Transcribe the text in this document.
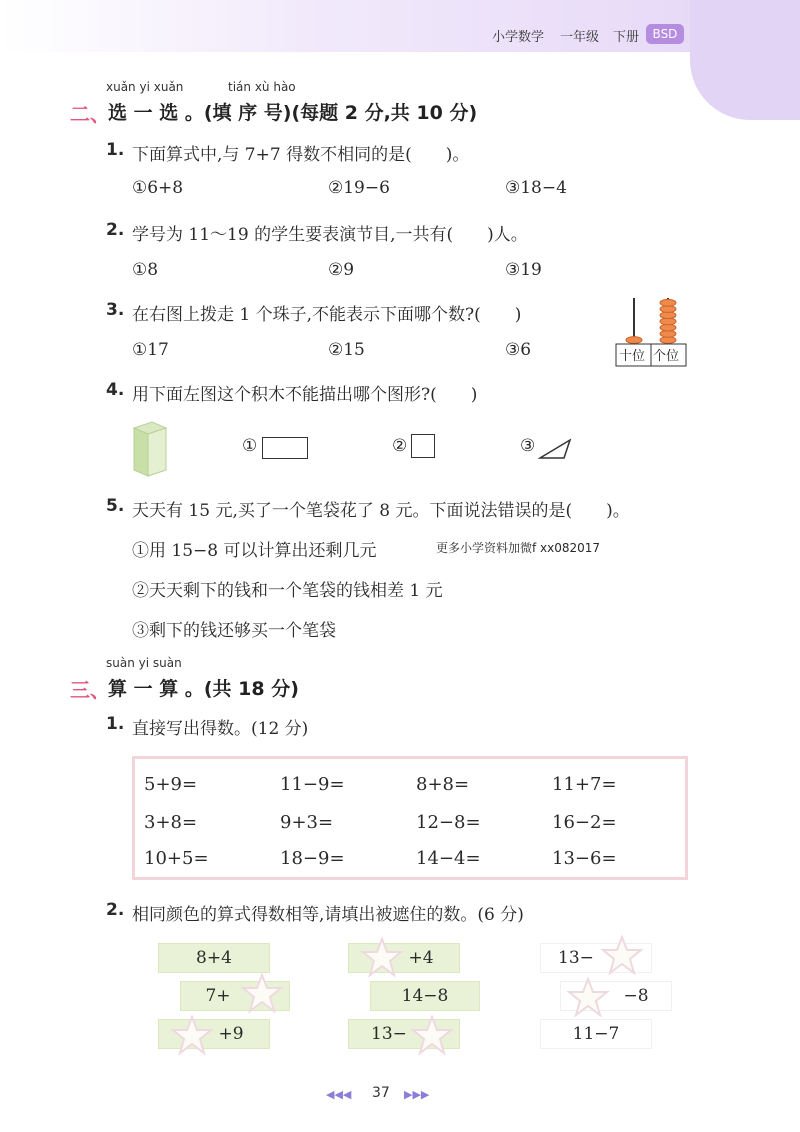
小学数学 一年级 下册	BSD
xuǎn yi xuǎn	tián xù hào
二、
选 一 选 。(填 序 号)(每题 2 分,共 10 分)
1. 下面算式中,与 7+7 得数不相同的是(　　)。
①6+8	②19−6	③18−4
2. 学号为 11～19 的学生要表演节目,一共有(　　)人。
①8	②9	③19
3. 在右图上拨走 1 个珠子,不能表示下面哪个数?(　　)
①17	②15	③6	十位 个位
4. 用下面左图这个积木不能描出哪个图形?(　　)
①	②	③
5. 天天有 15 元,买了一个笔袋花了 8 元。下面说法错误的是(　　)。
①用 15−8 可以计算出还剩几元	更多小学资料加微f xx082017
②天天剩下的钱和一个笔袋的钱相差 1 元
③剩下的钱还够买一个笔袋
suàn yi suàn
三、
算 一 算 。(共 18 分)
1. 直接写出得数。(12 分)
5+9=	11−9=	8+8=	11+7=
3+8=	9+3=	12−8=	16−2=
10+5=	18−9=	14−4=	13−6=
2. 相同颜色的算式得数相等,请填出被遮住的数。(6 分)
8+4
7+
+9
+4
14−8
13−
13−
−8
11−7
◀◀◀ 37 ▶▶▶
